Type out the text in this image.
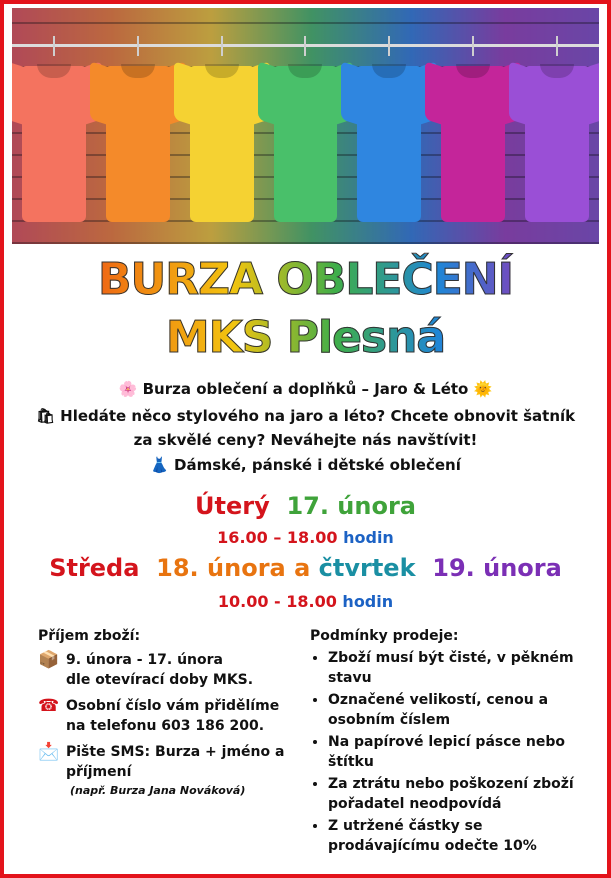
BURZA OBLEČENÍ
MKS Plesná
🌸 Burza oblečení a doplňků – Jaro & Léto 🌞
🛍 Hledáte něco stylového na jaro a léto? Chcete obnovit šatník
za skvělé ceny? Neváhejte nás navštívit!
👗 Dámské, pánské i dětské oblečení
Úterý 17. února
16.00 – 18.00 hodin
Středa 18. února a čtvrtek 19. února
10.00 - 18.00 hodin
Příjem zboží:
📦 9. února - 17. února
dle otevírací doby MKS.
☎ Osobní číslo vám přidělíme na telefonu 603 186 200.
📩 Pište SMS: Burza + jméno a příjmení
(např. Burza Jana Nováková)
Podmínky prodeje:
• Zboží musí být čisté, v pěkném stavu
• Označené velikostí, cenou a osobním číslem
• Na papírové lepicí pásce nebo štítku
• Za ztrátu nebo poškození zboží pořadatel neodpovídá
• Z utržené částky se prodávajícímu odečte 10%
